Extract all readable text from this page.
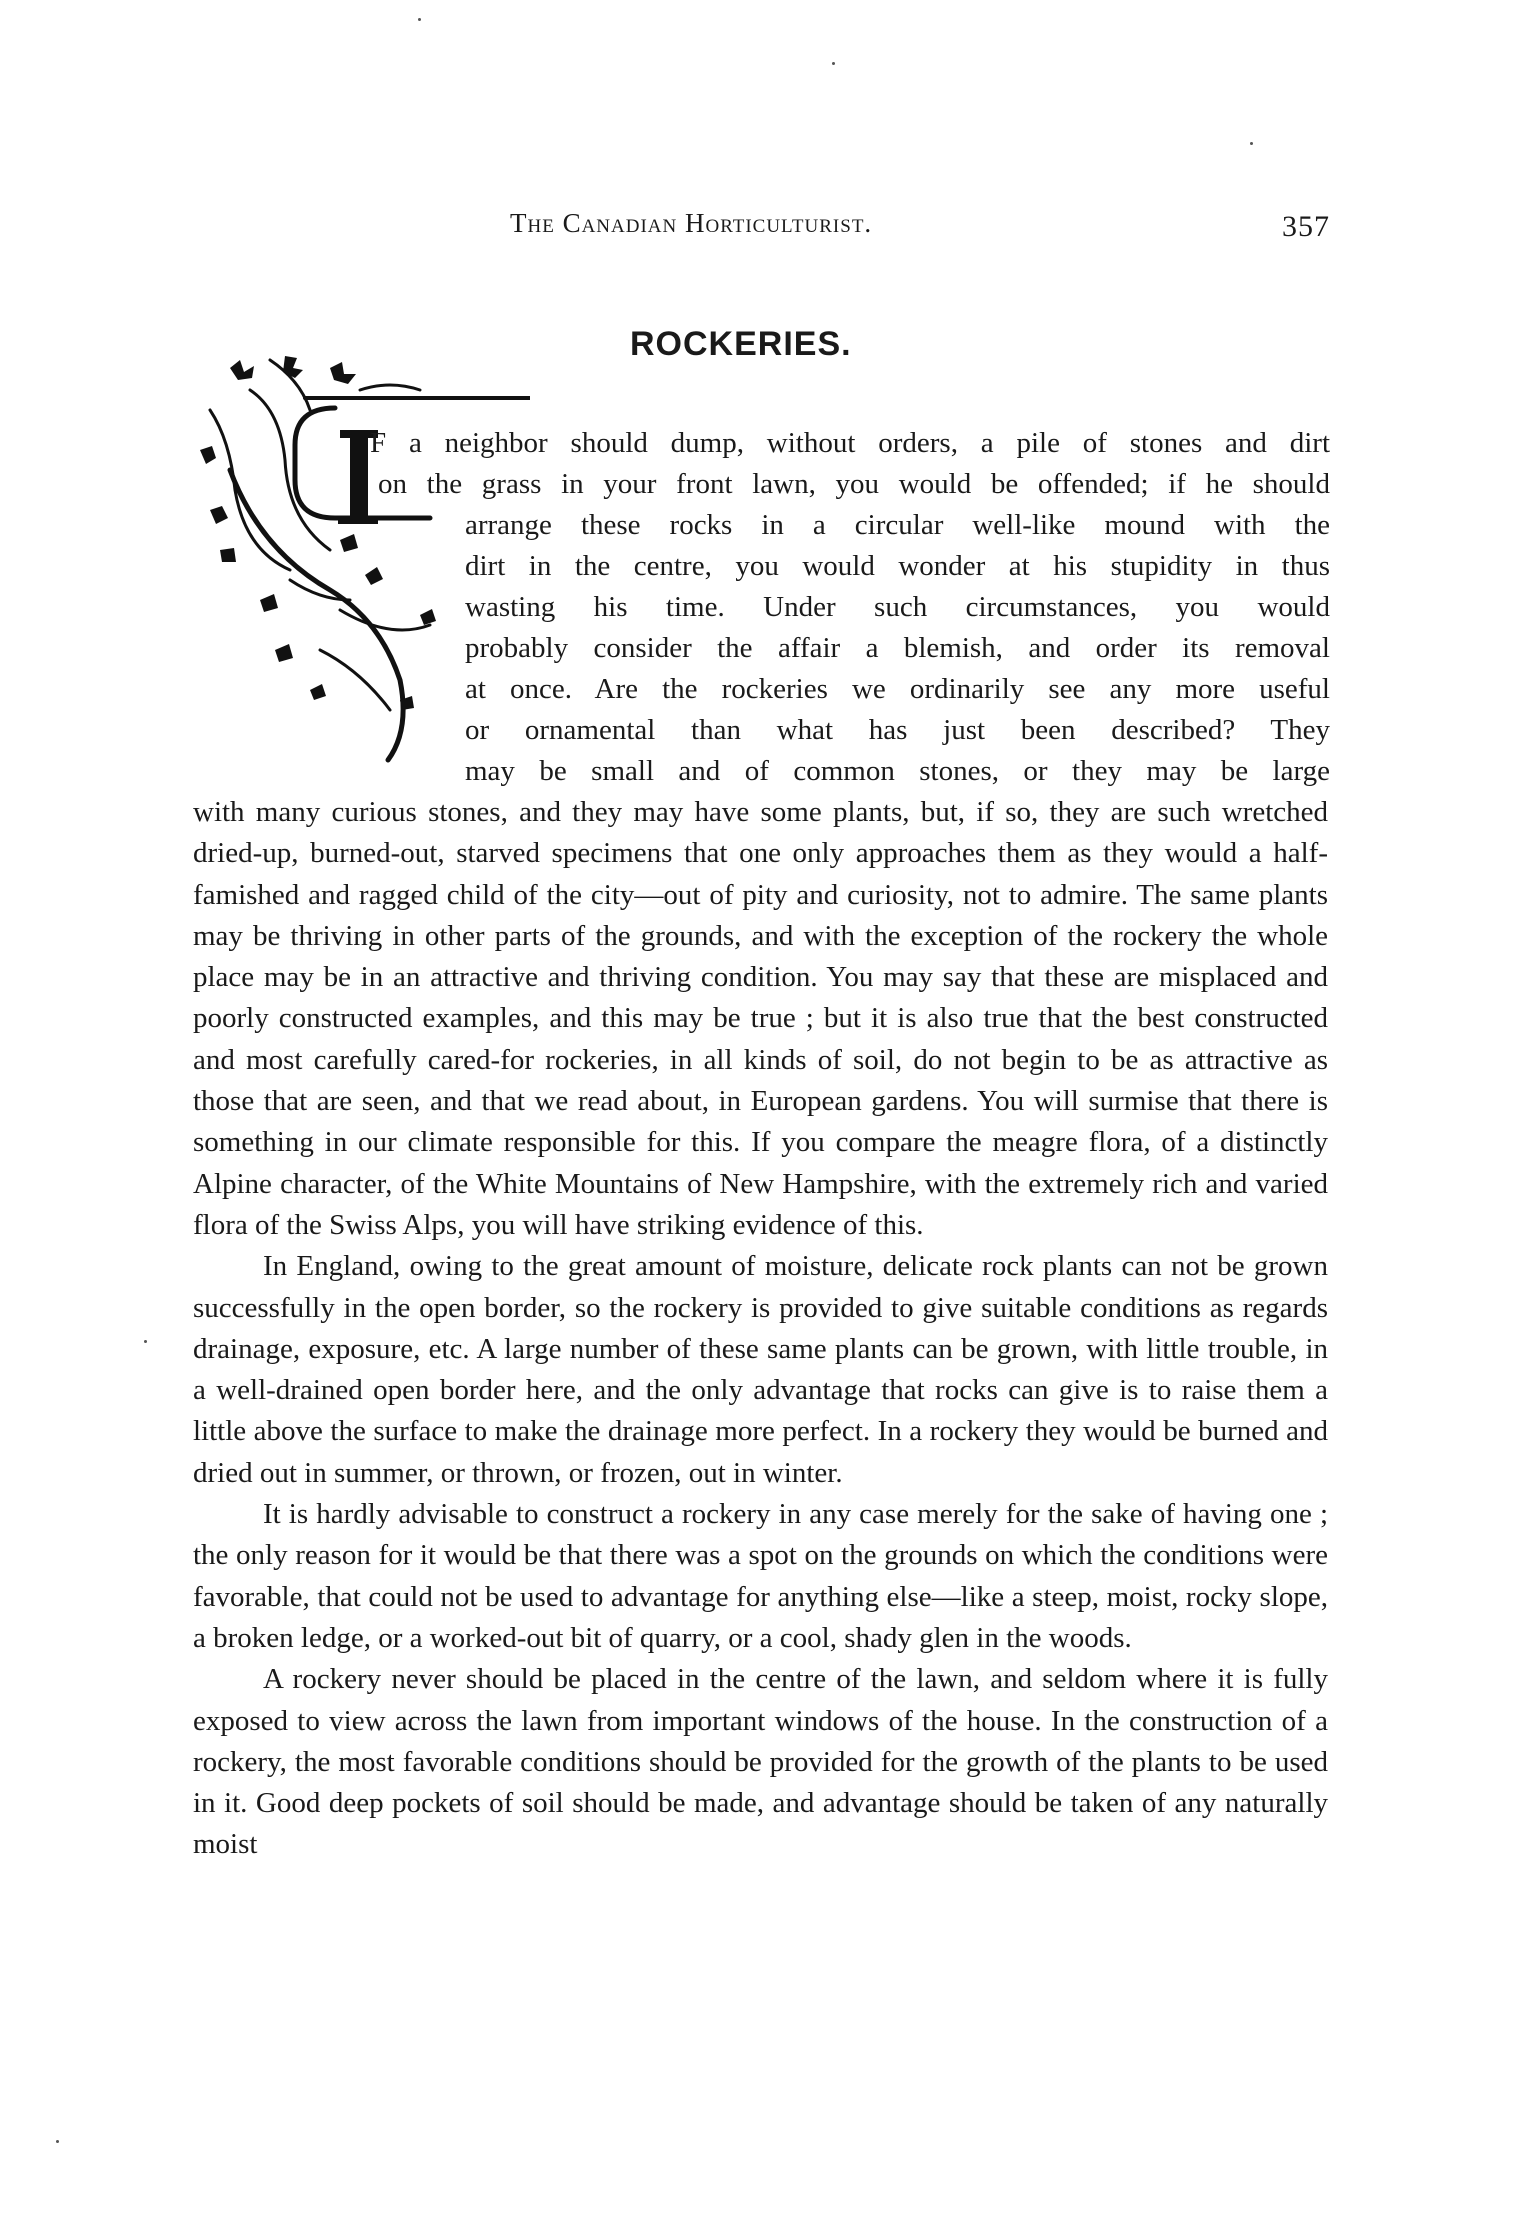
The Canadian Horticulturist.	357
ROCKERIES.
F a neighbor should dump, without orders, a pile of stones and dirt
on the grass in your front lawn, you would be offended; if he should
arrange these rocks in a circular well-like mound with the
dirt in the centre, you would wonder at his stupidity in thus
wasting his time. Under such circumstances, you would
probably consider the affair a blemish, and order its removal
at once. Are the rockeries we ordinarily see any more useful
or ornamental than what has just been described? They
may be small and of common stones, or they may be large

with many curious stones, and they may have some plants, but, if so, they are such wretched dried-up, burned-out, starved specimens that one only approaches them as they would a half-famished and ragged child of the city—out of pity and curiosity, not to admire. The same plants may be thriving in other parts of the grounds, and with the exception of the rockery the whole place may be in an attractive and thriving condition. You may say that these are misplaced and poorly constructed examples, and this may be true ; but it is also true that the best constructed and most carefully cared-for rockeries, in all kinds of soil, do not begin to be as attractive as those that are seen, and that we read about, in European gardens. You will surmise that there is something in our climate responsible for this. If you compare the meagre flora, of a distinctly Alpine character, of the White Mountains of New Hampshire, with the extremely rich and varied flora of the Swiss Alps, you will have striking evidence of this.

In England, owing to the great amount of moisture, delicate rock plants can not be grown successfully in the open border, so the rockery is provided to give suitable conditions as regards drainage, exposure, etc. A large number of these same plants can be grown, with little trouble, in a well-drained open border here, and the only advantage that rocks can give is to raise them a little above the surface to make the drainage more perfect. In a rockery they would be burned and dried out in summer, or thrown, or frozen, out in winter.

It is hardly advisable to construct a rockery in any case merely for the sake of having one ; the only reason for it would be that there was a spot on the grounds on which the conditions were favorable, that could not be used to advantage for anything else—like a steep, moist, rocky slope, a broken ledge, or a worked-out bit of quarry, or a cool, shady glen in the woods.

A rockery never should be placed in the centre of the lawn, and seldom where it is fully exposed to view across the lawn from important windows of the house. In the construction of a rockery, the most favorable conditions should be provided for the growth of the plants to be used in it. Good deep pockets of soil should be made, and advantage should be taken of any naturally moist
